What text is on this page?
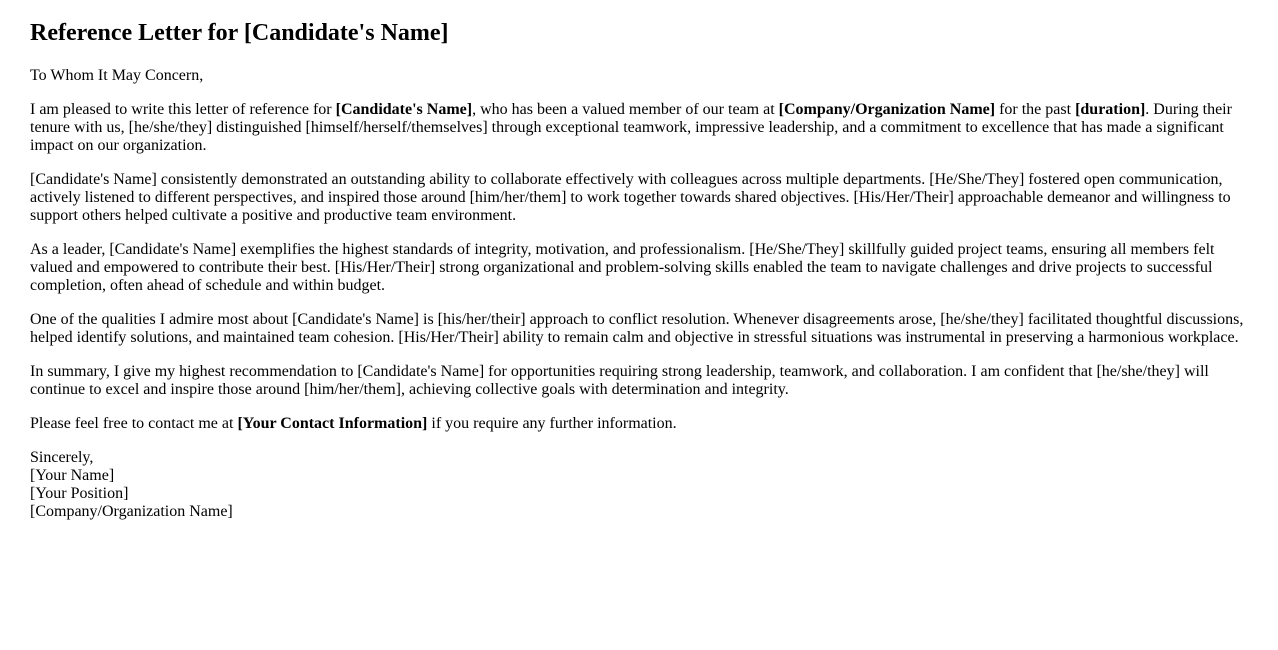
Reference Letter for [Candidate's Name]

To Whom It May Concern,

I am pleased to write this letter of reference for [Candidate's Name], who has been a valued member of our team at [Company/Organization Name] for the past [duration]. During their tenure with us, [he/she/they] distinguished [himself/herself/themselves] through exceptional teamwork, impressive leadership, and a commitment to excellence that has made a significant impact on our organization.

[Candidate's Name] consistently demonstrated an outstanding ability to collaborate effectively with colleagues across multiple departments. [He/She/They] fostered open communication, actively listened to different perspectives, and inspired those around [him/her/them] to work together towards shared objectives. [His/Her/Their] approachable demeanor and willingness to support others helped cultivate a positive and productive team environment.

As a leader, [Candidate's Name] exemplifies the highest standards of integrity, motivation, and professionalism. [He/She/They] skillfully guided project teams, ensuring all members felt valued and empowered to contribute their best. [His/Her/Their] strong organizational and problem-solving skills enabled the team to navigate challenges and drive projects to successful completion, often ahead of schedule and within budget.

One of the qualities I admire most about [Candidate's Name] is [his/her/their] approach to conflict resolution. Whenever disagreements arose, [he/she/they] facilitated thoughtful discussions, helped identify solutions, and maintained team cohesion. [His/Her/Their] ability to remain calm and objective in stressful situations was instrumental in preserving a harmonious workplace.

In summary, I give my highest recommendation to [Candidate's Name] for opportunities requiring strong leadership, teamwork, and collaboration. I am confident that [he/she/they] will continue to excel and inspire those around [him/her/them], achieving collective goals with determination and integrity.

Please feel free to contact me at [Your Contact Information] if you require any further information.

Sincerely,
[Your Name]
[Your Position]
[Company/Organization Name]
